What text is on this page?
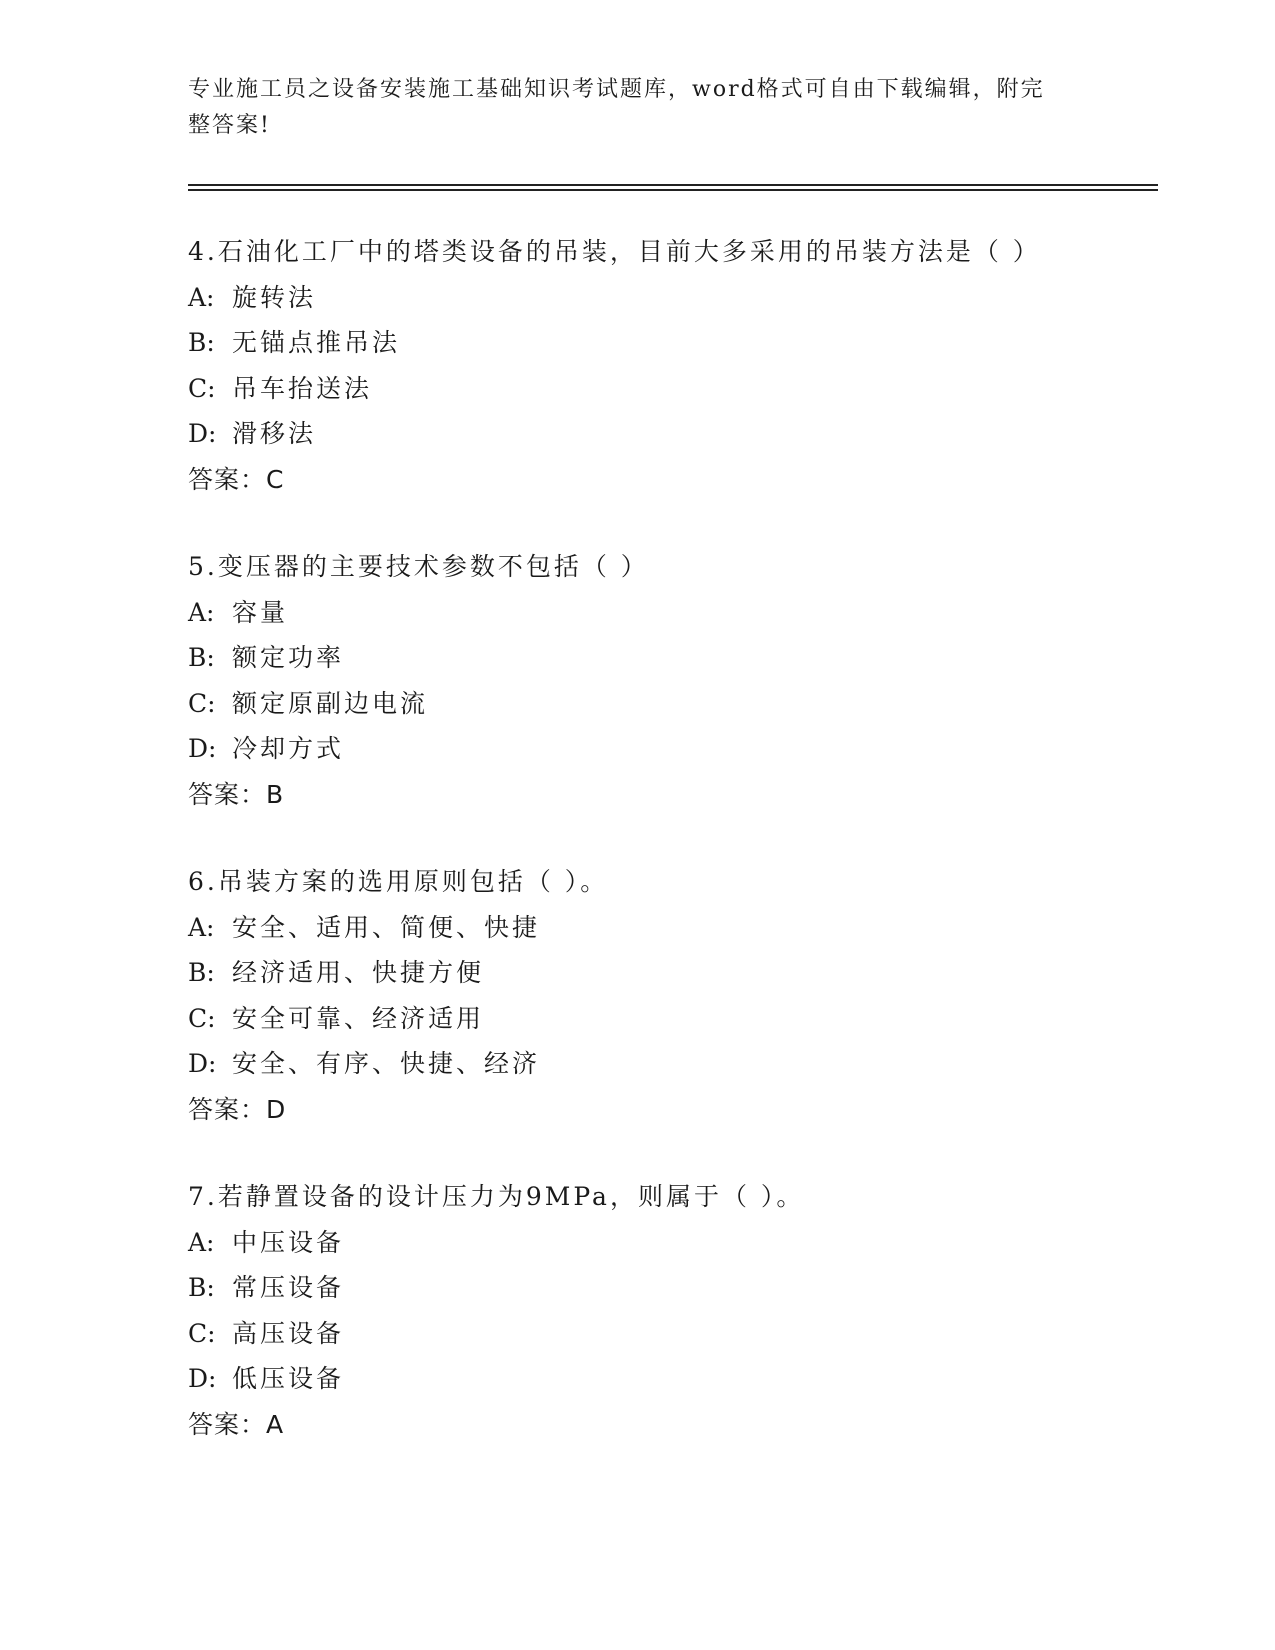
专业施工员之设备安装施工基础知识考试题库，word格式可自由下载编辑，附完整答案!

4.石油化工厂中的塔类设备的吊装，目前大多采用的吊装方法是（ ）
A: 旋转法
B: 无锚点推吊法
C: 吊车抬送法
D: 滑移法
答案：C
5.变压器的主要技术参数不包括（ ）
A: 容量
B: 额定功率
C: 额定原副边电流
D: 冷却方式
答案：B
6.吊装方案的选用原则包括（ ）。
A: 安全、适用、简便、快捷
B: 经济适用、快捷方便
C: 安全可靠、经济适用
D: 安全、有序、快捷、经济
答案：D
7.若静置设备的设计压力为9MPa，则属于（ ）。
A: 中压设备
B: 常压设备
C: 高压设备
D: 低压设备
答案：A
